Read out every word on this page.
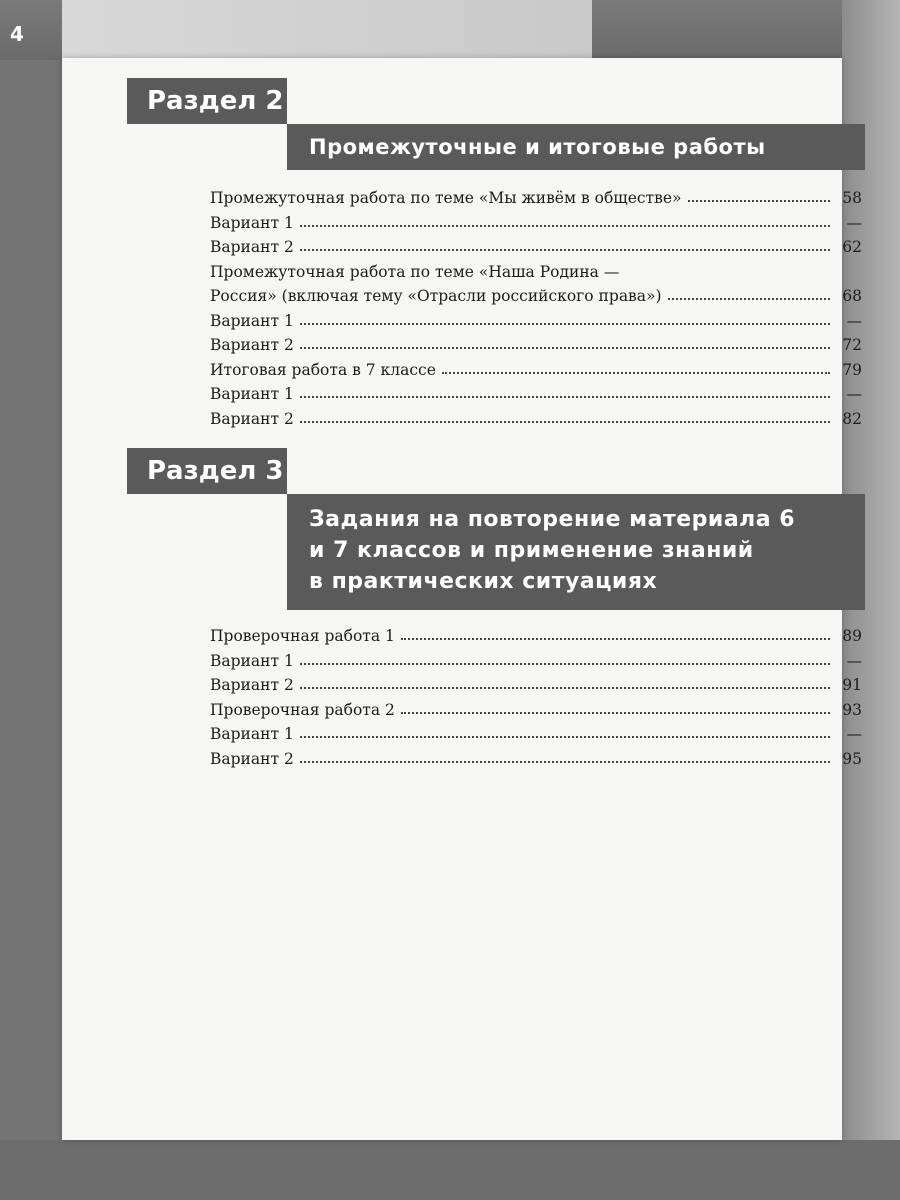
4
Раздел 2
Промежуточные и итоговые работы
Промежуточная работа по теме «Мы живём в обществе»	58
Вариант 1	—
Вариант 2	62
Промежуточная работа по теме «Наша Родина —
Россия» (включая тему «Отрасли российского права»)	68
Вариант 1	—
Вариант 2	72
Итоговая работа в 7 классе	79
Вариант 1	—
Вариант 2	82
Раздел 3
Задания на повторение материала 6
и 7 классов и применение знаний
в практических ситуациях
Проверочная работа 1	89
Вариант 1	—
Вариант 2	91
Проверочная работа 2	93
Вариант 1	—
Вариант 2	95
